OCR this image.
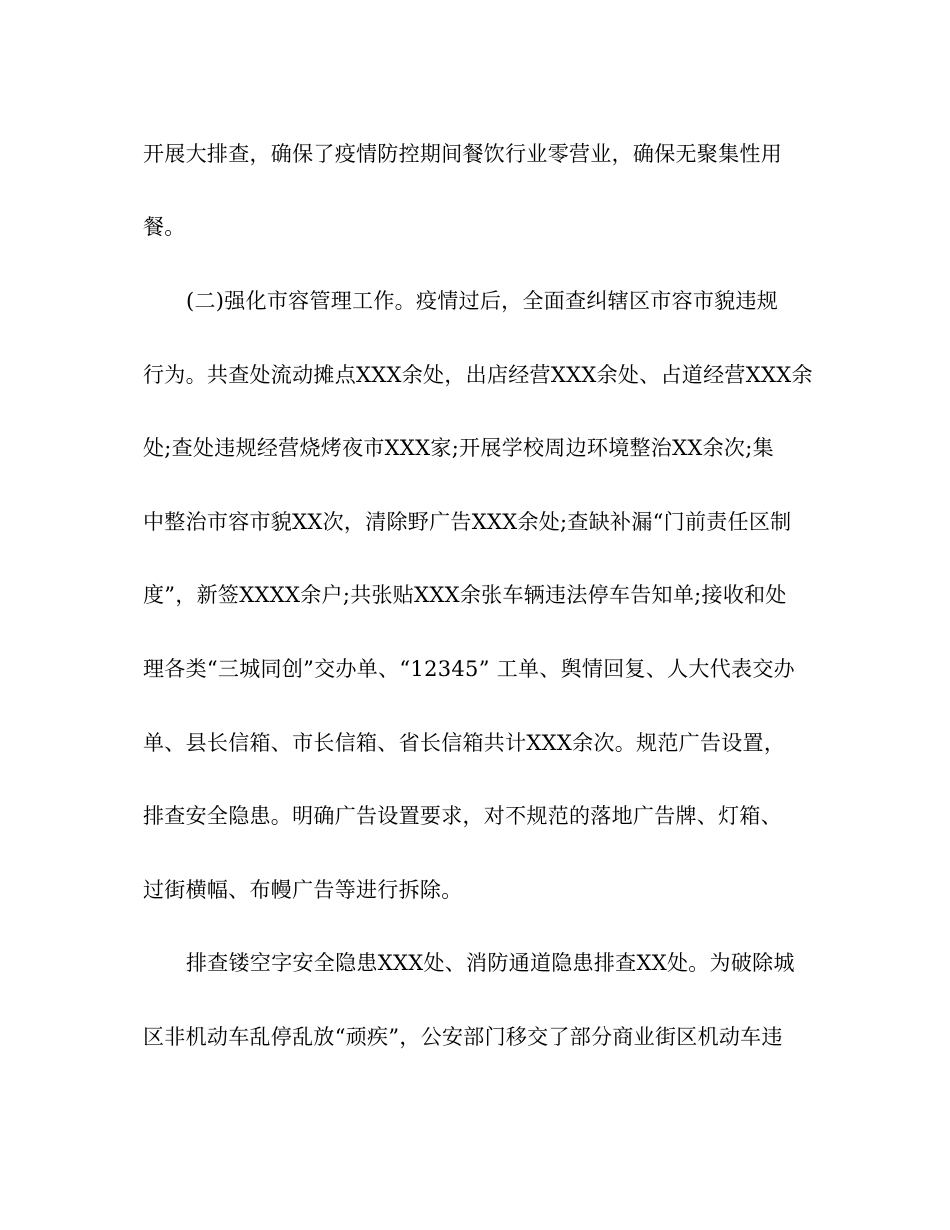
开展大排查，确保了疫情防控期间餐饮行业零营业，确保无聚集性用
餐。
(二)强化市容管理工作。疫情过后，全面查纠辖区市容市貌违规
行为。共查处流动摊点XXX余处，出店经营XXX余处、占道经营XXX余
处;查处违规经营烧烤夜市XXX家;开展学校周边环境整治XX余次;集
中整治市容市貌XX次，清除野广告XXX余处;查缺补漏“门前责任区制
度”，新签XXXX余户;共张贴XXX余张车辆违法停车告知单;接收和处
理各类“三城同创”交办单、“12345” 工单、舆情回复、人大代表交办
单、县长信箱、市长信箱、省长信箱共计XXX余次。规范广告设置，
排查安全隐患。明确广告设置要求，对不规范的落地广告牌、灯箱、
过街横幅、布幔广告等进行拆除。
排查镂空字安全隐患XXX处、消防通道隐患排查XX处。为破除城
区非机动车乱停乱放“顽疾”，公安部门移交了部分商业街区机动车违
